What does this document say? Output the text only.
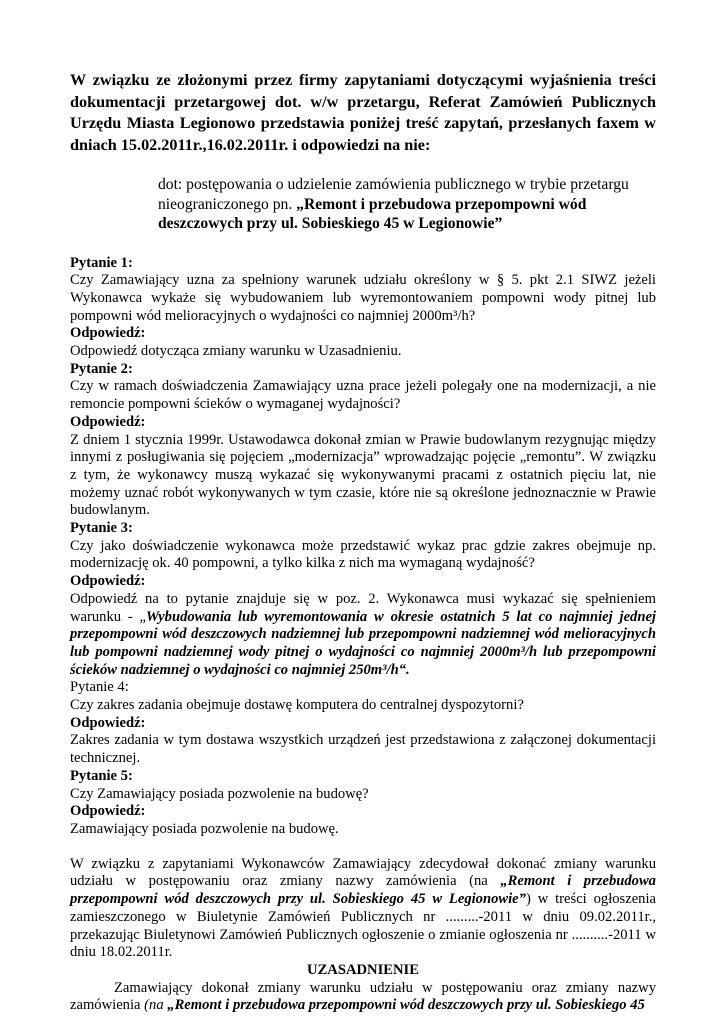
W związku ze złożonymi przez firmy zapytaniami dotyczącymi wyjaśnienia treści dokumentacji przetargowej dot. w/w przetargu, Referat Zamówień Publicznych Urzędu Miasta Legionowo przedstawia poniżej treść zapytań, przesłanych faxem w dniach 15.02.2011r.,16.02.2011r. i odpowiedzi na nie:

dot: postępowania o udzielenie zamówienia publicznego w trybie przetargu nieograniczonego pn. „Remont i przebudowa przepompowni wód deszczowych przy ul. Sobieskiego 45 w Legionowie”

Pytanie 1:

Czy Zamawiający uzna za spełniony warunek udziału określony w § 5. pkt 2.1 SIWZ jeżeli Wykonawca wykaże się wybudowaniem lub wyremontowaniem pompowni wody pitnej lub pompowni wód melioracyjnych o wydajności co najmniej 2000m³/h?

Odpowiedź:

Odpowiedź dotycząca zmiany warunku w Uzasadnieniu.

Pytanie 2:

Czy w ramach doświadczenia Zamawiający uzna prace jeżeli polegały one na modernizacji, a nie remoncie pompowni ścieków o wymaganej wydajności?

Odpowiedź:

Z dniem 1 stycznia 1999r. Ustawodawca dokonał zmian w Prawie budowlanym rezygnując między innymi z posługiwania się pojęciem „modernizacja” wprowadzając pojęcie „remontu”. W związku z tym, że wykonawcy muszą wykazać się wykonywanymi pracami z ostatnich pięciu lat, nie możemy uznać robót wykonywanych w tym czasie, które nie są określone jednoznacznie w Prawie budowlanym.

Pytanie 3:

Czy jako doświadczenie wykonawca może przedstawić wykaz prac gdzie zakres obejmuje np. modernizację ok. 40 pompowni, a tylko kilka z nich ma wymaganą wydajność?

Odpowiedź:

Odpowiedź na to pytanie znajduje się w poz. 2. Wykonawca musi wykazać się spełnieniem warunku - „Wybudowania lub wyremontowania w okresie ostatnich 5 lat co najmniej jednej przepompowni wód deszczowych nadziemnej lub przepompowni nadziemnej wód melioracyjnych lub pompowni nadziemnej wody pitnej o wydajności co najmniej 2000m³/h lub przepompowni ścieków nadziemnej o wydajności co najmniej 250m³/h“.

Pytanie 4:

Czy zakres zadania obejmuje dostawę komputera do centralnej dyspozytorni?

Odpowiedź:

Zakres zadania w tym dostawa wszystkich urządzeń jest przedstawiona z załączonej dokumentacji technicznej.

Pytanie 5:

Czy Zamawiający posiada pozwolenie na budowę?

Odpowiedź:

Zamawiający posiada pozwolenie na budowę.

W związku z zapytaniami Wykonawców Zamawiający zdecydował dokonać zmiany warunku udziału w postępowaniu oraz zmiany nazwy zamówienia (na „Remont i przebudowa przepompowni wód deszczowych przy ul. Sobieskiego 45 w Legionowie”) w treści ogłoszenia zamieszczonego w Biuletynie Zamówień Publicznych nr .........-2011 w dniu 09.02.2011r., przekazując Biuletynowi Zamówień Publicznych ogłoszenie o zmianie ogłoszenia nr ..........-2011 w dniu 18.02.2011r.

UZASADNIENIE

Zamawiający dokonał zmiany warunku udziału w postępowaniu oraz zmiany nazwy zamówienia (na „Remont i przebudowa przepompowni wód deszczowych przy ul. Sobieskiego 45
